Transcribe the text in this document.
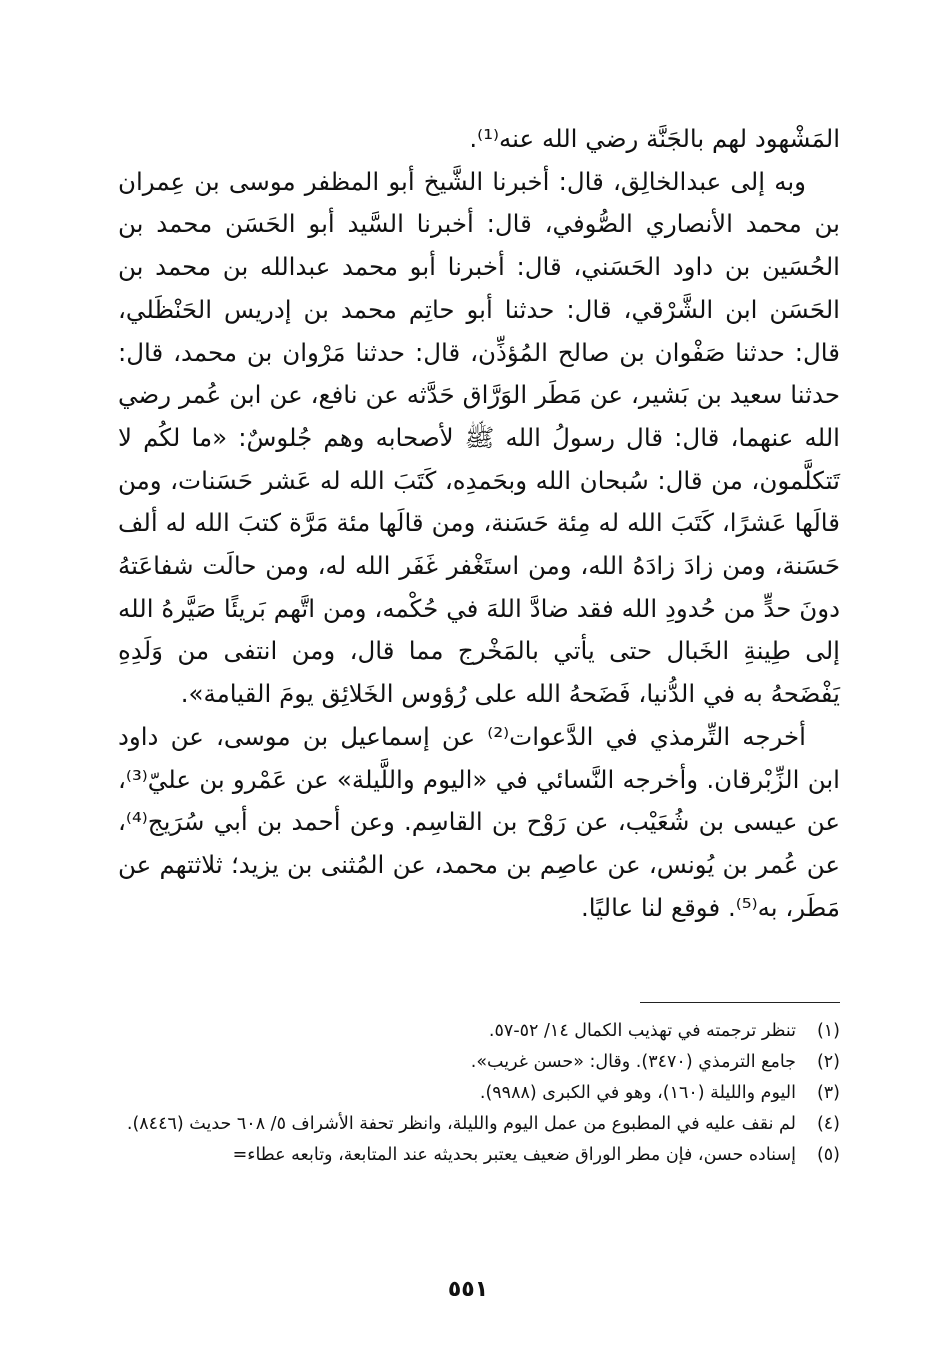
المَشْهود لهم بالجَنَّة رضي الله عنه⁽¹⁾.

وبه إلى عبدالخالِق، قال: أخبرنا الشَّيخ أبو المظفر موسى بن عِمران بن محمد الأنصاري الصُّوفي، قال: أخبرنا السَّيد أبو الحَسَن محمد بن الحُسَين بن داود الحَسَني، قال: أخبرنا أبو محمد عبدالله بن محمد بن الحَسَن ابن الشَّرْقي، قال: حدثنا أبو حاتِم محمد بن إدريس الحَنْظَلي، قال: حدثنا صَفْوان بن صالح المُؤذِّن، قال: حدثنا مَرْوان بن محمد، قال: حدثنا سعيد بن بَشير، عن مَطَر الوَرَّاق حَدَّثه عن نافع، عن ابن عُمر رضي الله عنهما، قال: قال رسولُ الله ﷺ لأصحابه وهم جُلوسٌ: «ما لكُم لا تَتكلَّمون، من قال: سُبحان الله وبحَمدِه، كَتَبَ الله له عَشر حَسَنات، ومن قالَها عَشرًا، كَتَبَ الله له مِئة حَسَنة، ومن قالَها مئة مَرَّة كتبَ الله له ألف حَسَنة، ومن زادَ زادَهُ الله، ومن استَغْفر غَفَر الله له، ومن حالَت شفاعَتهُ دونَ حدٍّ من حُدودِ الله فقد ضادَّ اللهَ في حُكْمه، ومن اتَّهم بَريئًا صَيَّرهُ الله إلى طِينةِ الخَبال حتى يأتي بالمَخْرج مما قال، ومن انتفى من وَلَدِهِ يَفْضَحهُ به في الدُّنيا، فَضَحهُ الله على رُؤوس الخَلائِق يومَ القيامة».

أخرجه التِّرمذي في الدَّعوات⁽²⁾ عن إسماعيل بن موسى، عن داود ابن الزِّبْرقان. وأخرجه النَّسائي في «اليوم واللَّيلة» عن عَمْرو بن عليّ⁽³⁾، عن عيسى بن شُعَيْب، عن رَوْح بن القاسِم. وعن أحمد بن أبي سُرَيج⁽⁴⁾، عن عُمر بن يُونس، عن عاصِم بن محمد، عن المُثنى بن يزيد؛ ثلاثتهم عن مَطَر، به⁽⁵⁾. فوقع لنا عاليًا.

(١)
تنظر ترجمته في تهذيب الكمال ١٤/ ٥٢-٥٧.
(٢)
جامع الترمذي (٣٤٧٠). وقال: «حسن غريب».
(٣)
اليوم والليلة (١٦٠)، وهو في الكبرى (٩٩٨٨).
(٤)
لم نقف عليه في المطبوع من عمل اليوم والليلة، وانظر تحفة الأشراف ٥/ ٦٠٨ حديث (٨٤٤٦).
(٥)
إسناده حسن، فإن مطر الوراق ضعيف يعتبر بحديثه عند المتابعة، وتابعه عطاء=
٥٥١
